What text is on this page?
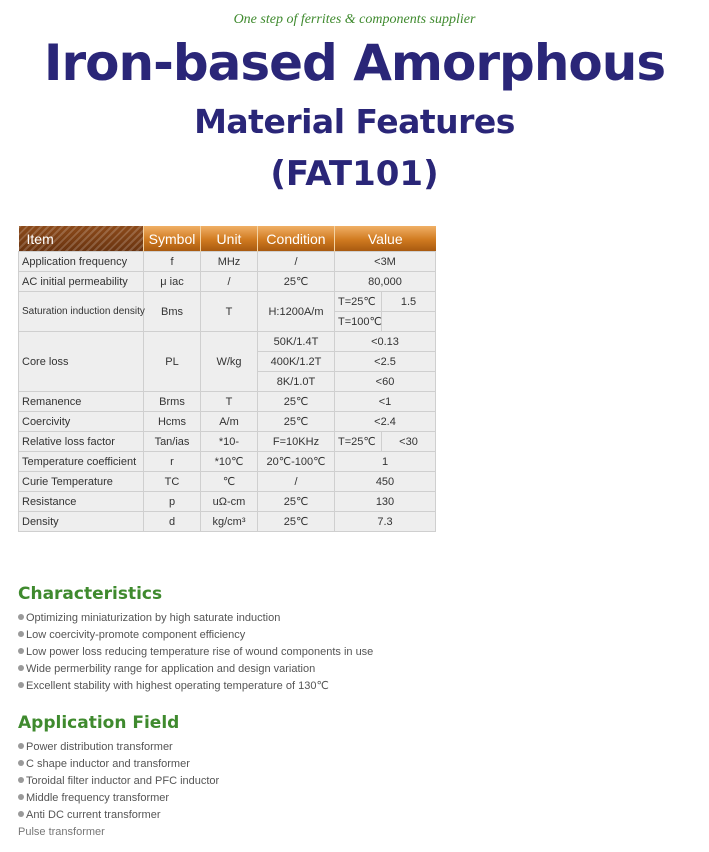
One step of ferrites & components supplier
Iron-based Amorphous
Material Features
(FAT101)
Item	Symbol	Unit	Condition	Value	
Application frequency	f	MHz	/	<3M	
AC initial permeability	μ iac	/	25℃	80,000	
Saturation induction density	Bms	T	H:1200A/m	T=25℃	1.5
				T=100℃	
Core loss	PL	W/kg	50K/1.4T	<0.13	
			400K/1.2T	<2.5	
			8K/1.0T	<60	
Remanence	Brms	T	25℃	<1	
Coercivity	Hcms	A/m	25℃	<2.4	
Relative loss factor	Tan/ias	*10-	F=10KHz	T=25℃	<30
Temperature coefficient	r	*10℃	20℃-100℃	1	
Curie Temperature	TC	℃	/	450	
Resistance	p	uΩ-cm	25℃	130	
Density	d	kg/cm³	25℃	7.3	
Characteristics
Optimizing miniaturization by high saturate induction
Low coercivity-promote component efficiency
Low power loss reducing temperature rise of wound components in use
Wide permerbility range for application and design variation
Excellent stability with highest operating temperature of 130℃
Application Field
Power distribution transformer
C shape inductor and transformer
Toroidal filter inductor and PFC inductor
Middle frequency transformer
Anti DC current transformer
Pulse transformer
